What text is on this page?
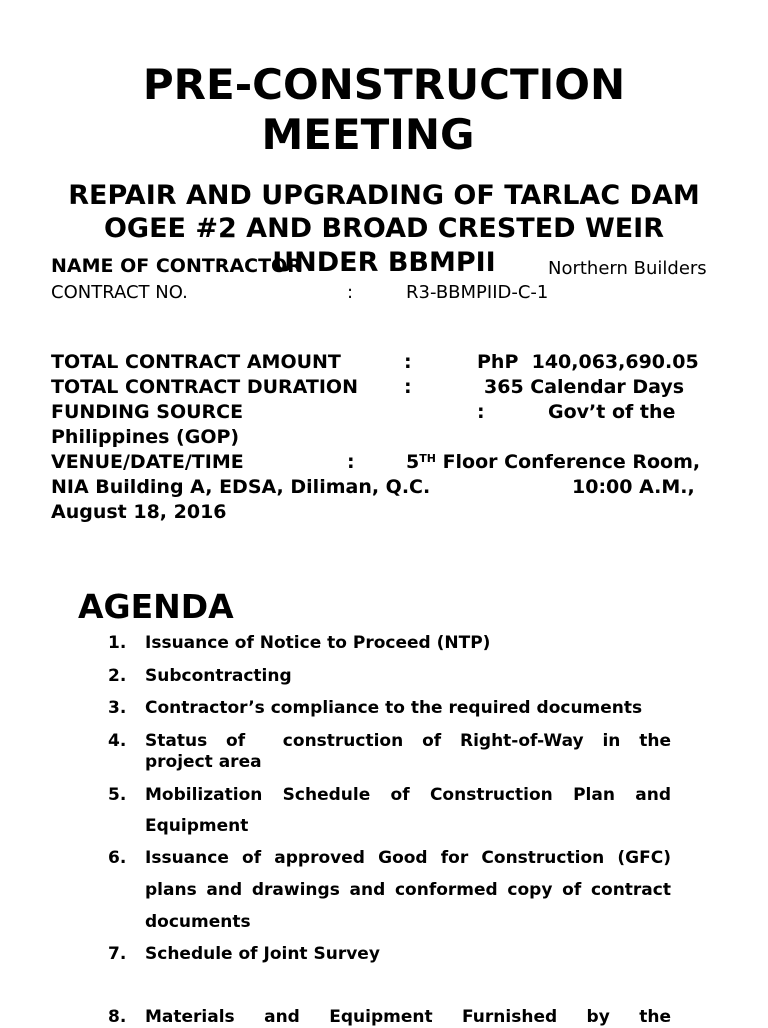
PRE-CONSTRUCTION
MEETING
REPAIR AND UPGRADING OF TARLAC DAM
OGEE #2 AND BROAD CRESTED WEIR
UNDER BBMPII
NAME OF CONTRACTOR	Northern Builders
CONTRACT NO.	:	R3-BBMPIID-C-1
TOTAL CONTRACT AMOUNT	:	PhP  140,063,690.05
TOTAL CONTRACT DURATION :	365 Calendar Days
FUNDING SOURCE	:	Gov’t of the
Philippines (GOP)
VENUE/DATE/TIME	:	5TH Floor Conference Room,
NIA Building A, EDSA, Diliman, Q.C.	10:00 A.M.,
August 18, 2016
AGENDA
1. Issuance of Notice to Proceed (NTP)
2. Subcontracting
3. Contractor’s compliance to the required documents
4. Status of  construction of Right-of-Way in the
project area
5. Mobilization Schedule of Construction Plan and
Equipment
6. Issuance of approved Good for Construction (GFC)
plans and drawings and conformed copy of contract
documents
7. Schedule of Joint Survey
8. Materials and Equipment Furnished by the
